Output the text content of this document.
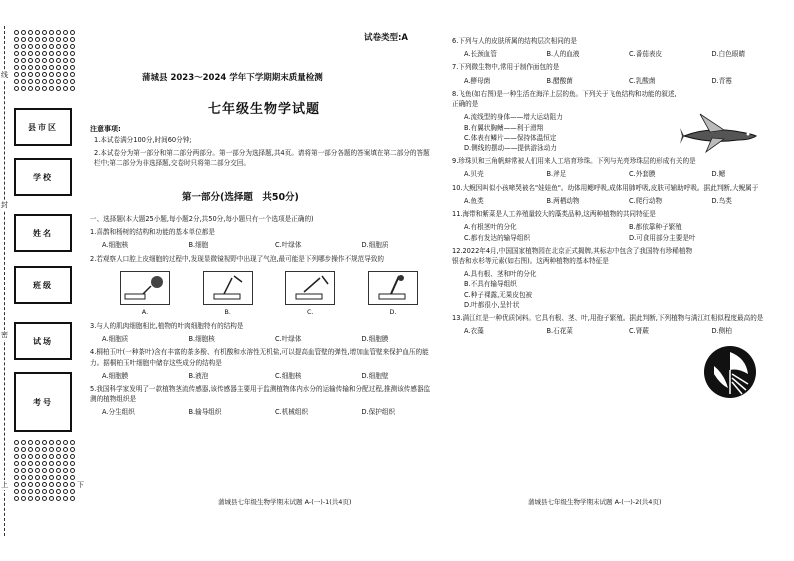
线
封
密
上	下
县市区
学校
姓名
班级
试场
考号
试卷类型:A
蒲城县 2023～2024 学年下学期期末质量检测
七年级生物学试题
注意事项:
1.本试卷满分100分,时间60分钟;
2.本试卷分为第一部分和第二部分两部分。第一部分为选择题,共4页。请将第一部分各题的答案填在第二部分的答题栏中;第二部分为非选择题,交卷时只将第二部分交回。
第一部分(选择题　共50分)
一、选择题(本大题25小题,每小题2分,共50分,每小题只有一个选项是正确的)
1.喜鹊和杨树的结构和功能的基本单位都是
A.细胞核	B.细胞	C.叶绿体	D.细胞质
2.若观察人口腔上皮细胞的过程中,发现显微镜视野中出现了气泡,最可能是下列哪步操作不规范导致的
A.	B.	C.	D.
3.与人的肌肉细胞相比,植物的叶肉细胞特有的结构是
A.细胞质	B.细胞核	C.叶绿体	D.细胞膜
4.桐柏玉叶(一种茶叶)含有丰富的茶多酚、有机酸和水溶性无机盐,可以提高血管壁的弹性,增加血管壁来保护血压的能力。据桐柏玉叶细胞中储存这些成分的结构是
A.细胞膜	B.液泡	C.细胞核	D.细胞壁
5.我国科学家发明了一款植物茎流传感器,该传感器主要用于监测植物体内水分的运输传输和分配过程,推测该传感器监测的植物组织是
A.分生组织	B.输导组织	C.机械组织	D.保护组织
蒲城县七年级生物学期末试题 A-(一)-1(共4页)
6.下列与人的皮肤所属的结构层次相同的是
A.长颈血管	B.人的血液	C.番茄表皮	D.白色眼睛
7.下列微生物中,常用于制作面包的是
A.酵母菌	B.醋酸菌	C.乳酸菌	D.青霉
8.飞鱼(如右图)是一种生活在海洋上层的鱼。下列关于飞鱼结构和功能的叙述,正确的是
A.流线型的身体——增大运动阻力
B.有翼状胸鳍——利于滑翔
C.体表有鳞片——保持体温恒定
D.侧线的摆动——提供游泳动力
9.珍珠贝和三角帆蚌常被人们用来人工培育珍珠。下列与光亮珍珠层的形成有关的是
A.贝壳	B.斧足	C.外套膜	D.鳃
10.大鲵因叫似小孩啼哭被名"娃娃鱼"。幼体用鳃呼吸,成体用肺呼吸,皮肤可辅助呼吸。据此判断,大鲵属于
A.鱼类	B.两栖动物	C.爬行动物	D.鸟类
11.海带和紫菜是人工养殖量较大的藻类品种,这两种植物的共同特征是
A.有根茎叶的分化	B.都依靠种子繁殖
C.都有发达的输导组织	D.可食用部分主要是叶
12.2022年4月,中国国家植物园在北京正式揭牌,其标志中包含了我国特有珍稀植物银杏和水杉等元素(如右图)。这两种植物的基本特征是
A.具有根、茎和叶的分化
B.不具有输导组织
C.种子裸露,无果皮包被
D.叶都很小,呈针状
13.满江红是一种优质饲料。它具有根、茎、叶,用孢子繁殖。据此判断,下列植物与满江红相似程度最高的是
A.衣藻	B.石花菜	C.肾蕨	D.侧柏
蒲城县七年级生物学期末试题 A-(一)-2(共4页)
